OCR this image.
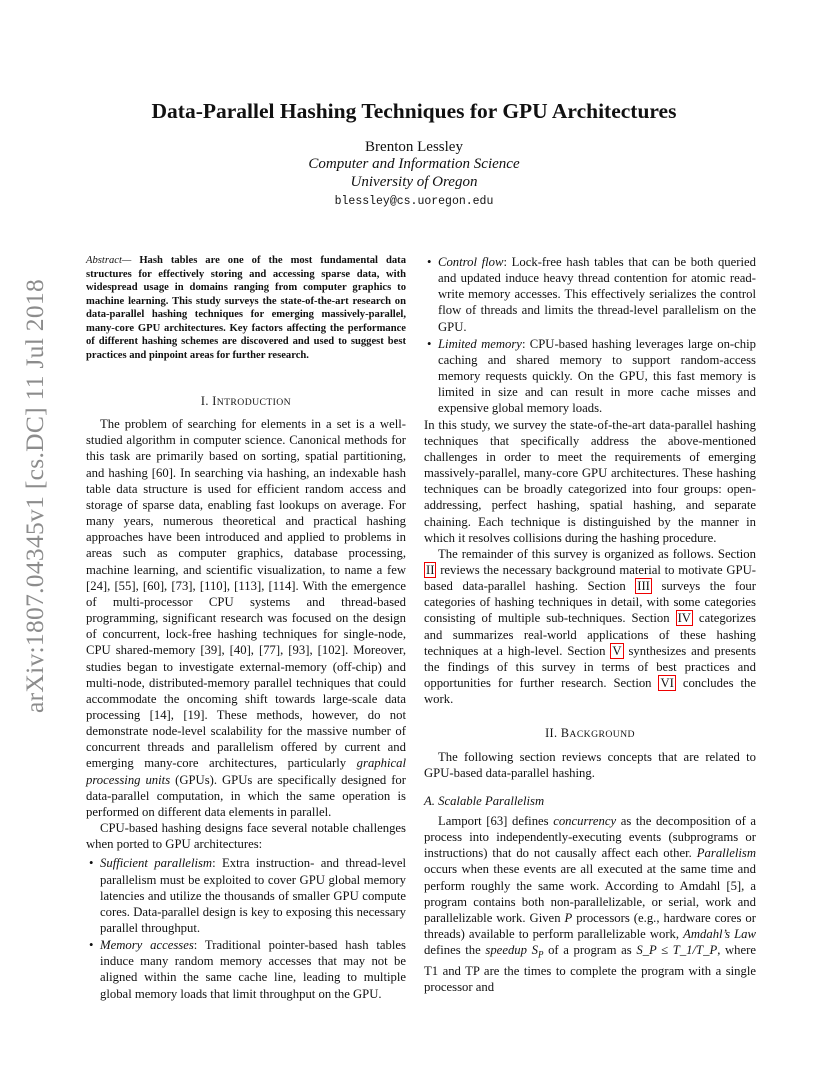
arXiv:1807.04345v1 [cs.DC] 11 Jul 2018
Data-Parallel Hashing Techniques for GPU Architectures
Brenton Lessley
Computer and Information Science
University of Oregon
blessley@cs.uoregon.edu

Abstract— Hash tables are one of the most fundamental data structures for effectively storing and accessing sparse data, with widespread usage in domains ranging from computer graphics to machine learning. This study surveys the state-of-the-art research on data-parallel hashing techniques for emerging massively-parallel, many-core GPU architectures. Key factors affecting the performance of different hashing schemes are discovered and used to suggest best practices and pinpoint areas for further research.

I. INTRODUCTION

The problem of searching for elements in a set is a well-studied algorithm in computer science. Canonical methods for this task are primarily based on sorting, spatial partitioning, and hashing [60]. In searching via hashing, an indexable hash table data structure is used for efficient random access and storage of sparse data, enabling fast lookups on average. For many years, numerous theoretical and practical hashing approaches have been introduced and applied to problems in areas such as computer graphics, database processing, machine learning, and scientific visualization, to name a few [24], [55], [60], [73], [110], [113], [114]. With the emergence of multi-processor CPU systems and thread-based programming, significant research was focused on the design of concurrent, lock-free hashing techniques for single-node, CPU shared-memory [39], [40], [77], [93], [102]. Moreover, studies began to investigate external-memory (off-chip) and multi-node, distributed-memory parallel techniques that could accommodate the oncoming shift towards large-scale data processing [14], [19]. These methods, however, do not demonstrate node-level scalability for the massive number of concurrent threads and parallelism offered by current and emerging many-core architectures, particularly graphical processing units (GPUs). GPUs are specifically designed for data-parallel computation, in which the same operation is performed on different data elements in parallel.

CPU-based hashing designs face several notable challenges when ported to GPU architectures:

• Sufficient parallelism: Extra instruction- and thread-level parallelism must be exploited to cover GPU global memory latencies and utilize the thousands of smaller GPU compute cores. Data-parallel design is key to exposing this necessary parallel throughput.
• Memory accesses: Traditional pointer-based hash tables induce many random memory accesses that may not be aligned within the same cache line, leading to multiple global memory loads that limit throughput on the GPU.
• Control flow: Lock-free hash tables that can be both queried and updated induce heavy thread contention for atomic read-write memory accesses. This effectively serializes the control flow of threads and limits the thread-level parallelism on the GPU.
• Limited memory: CPU-based hashing leverages large on-chip caching and shared memory to support random-access memory requests quickly. On the GPU, this fast memory is limited in size and can result in more cache misses and expensive global memory loads.

In this study, we survey the state-of-the-art data-parallel hashing techniques that specifically address the above-mentioned challenges in order to meet the requirements of emerging massively-parallel, many-core GPU architectures. These hashing techniques can be broadly categorized into four groups: open-addressing, perfect hashing, spatial hashing, and separate chaining. Each technique is distinguished by the manner in which it resolves collisions during the hashing procedure.

The remainder of this survey is organized as follows. Section II reviews the necessary background material to motivate GPU-based data-parallel hashing. Section III surveys the four categories of hashing techniques in detail, with some categories consisting of multiple sub-techniques. Section IV categorizes and summarizes real-world applications of these hashing techniques at a high-level. Section V synthesizes and presents the findings of this survey in terms of best practices and opportunities for further research. Section VI concludes the work.

II. BACKGROUND

The following section reviews concepts that are related to GPU-based data-parallel hashing.

A. Scalable Parallelism

Lamport [63] defines concurrency as the decomposition of a process into independently-executing events (subprograms or instructions) that do not causally affect each other. Parallelism occurs when these events are all executed at the same time and perform roughly the same work. According to Amdahl [5], a program contains both non-parallelizable, or serial, work and parallelizable work. Given P processors (e.g., hardware cores or threads) available to perform parallelizable work, Amdahl’s Law defines the speedup $S_P$ of a program as S_P ≤ T_1/T_P, where T1 and TP are the times to complete the program with a single processor and
